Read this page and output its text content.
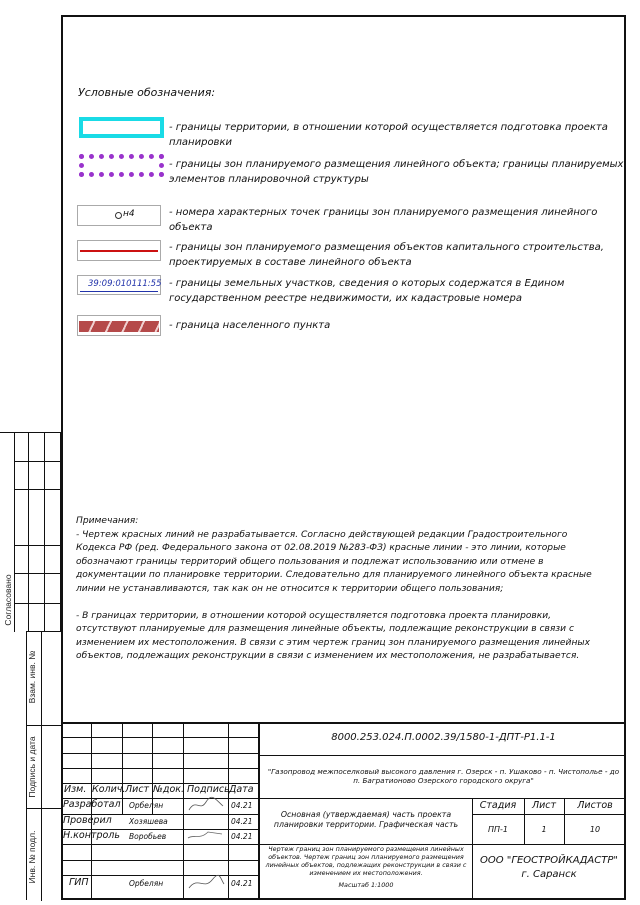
Согласовано
Взам. инв. №
Подпись и дата
Инв. № подл.
Условные обозначения:
- границы территории, в отношении которой осуществляется подготовка проекта планировки
- границы зон планируемого размещения линейного объекта; границы планируемых элементов планировочной структуры
н4	- номера характерных точек границы зон планируемого размещения линейного объекта
- границы зон планируемого размещения объектов капитального строительства, проектируемых в составе линейного объекта
39:09:010111:55 - границы земельных участков, сведения о которых содержатся в Едином государственном реестре недвижимости, их кадастровые номера
- граница населенного пункта

Примечания:

- Чертеж красных линий не разрабатывается. Согласно действующей редакции Градостроительного Кодекса РФ (ред. Федерального закона от 02.08.2019 №283-ФЗ) красные линии - это линии, которые обозначают границы территорий общего пользования и подлежат использованию или отмене в документации по планировке территории. Следовательно для планируемого линейного объекта красные линии не устанавливаются, так как он не относится к территории общего пользования;

- В границах территории, в отношении которой осуществляется подготовка проекта планировки, отсутствуют планируемые для размещения линейные объекты, подлежащие реконструкции в связи с изменением их местоположения. В связи с этим чертеж границ зон планируемого размещения линейных объектов, подлежащих реконструкции в связи с изменением их местоположения, не разрабатывается.

Изм. Колич. Лист №док. Подпись Дата
Разработал Орбелян	04.21
Проверил Хозяшева	04.21
Н.контроль Воробьев	04.21
ГИП	Орбелян	04.21
8000.253.024.П.0002.39/1580-1-ДПТ-Р1.1-1
"Газопровод межпоселковый высокого давления г. Озерск - п. Ушаково - п. Чистополье - до п. Багратионово Озерского городского округа"
Основная (утверждаемая) часть проекта планировки территории. Графическая часть
Стадия	Лист	Листов
ПП-1	1	10
Чертеж границ зон планируемого размещения линейных объектов. Чертеж границ зон планируемого размещения линейных объектов, подлежащих реконструкции в связи с изменением их местоположения.
Масштаб 1:1000
ООО "ГЕОСТРОЙКАДАСТР"
г. Саранск
